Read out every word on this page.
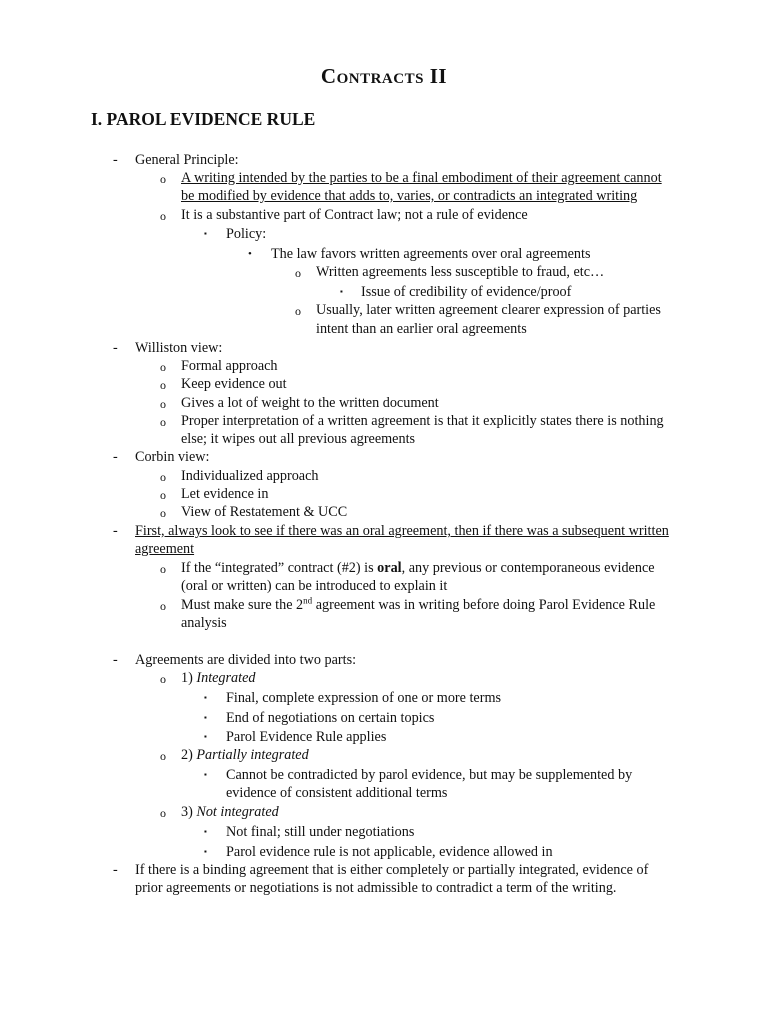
Contracts II
I. PAROL EVIDENCE RULE
- General Principle:
o A writing intended by the parties to be a final embodiment of their agreement cannot
be modified by evidence that adds to, varies, or contradicts an integrated writing
o It is a substantive part of Contract law; not a rule of evidence
▪ Policy:
• The law favors written agreements over oral agreements
o Written agreements less susceptible to fraud, etc…
▪ Issue of credibility of evidence/proof
o Usually, later written agreement clearer expression of parties
intent than an earlier oral agreements
- Williston view:
o Formal approach
o Keep evidence out
o Gives a lot of weight to the written document
o Proper interpretation of a written agreement is that it explicitly states there is nothing
else; it wipes out all previous agreements
- Corbin view:
o Individualized approach
o Let evidence in
o View of Restatement & UCC
- First, always look to see if there was an oral agreement, then if there was a subsequent written
agreement
o If the “integrated” contract (#2) is oral, any previous or contemporaneous evidence
(oral or written) can be introduced to explain it
o Must make sure the 2nd agreement was in writing before doing Parol Evidence Rule
analysis
- Agreements are divided into two parts:
o 1) Integrated
▪ Final, complete expression of one or more terms
▪ End of negotiations on certain topics
▪ Parol Evidence Rule applies
o 2) Partially integrated
▪ Cannot be contradicted by parol evidence, but may be supplemented by
evidence of consistent additional terms
o 3) Not integrated
▪ Not final; still under negotiations
▪ Parol evidence rule is not applicable, evidence allowed in
- If there is a binding agreement that is either completely or partially integrated, evidence of
prior agreements or negotiations is not admissible to contradict a term of the writing.
